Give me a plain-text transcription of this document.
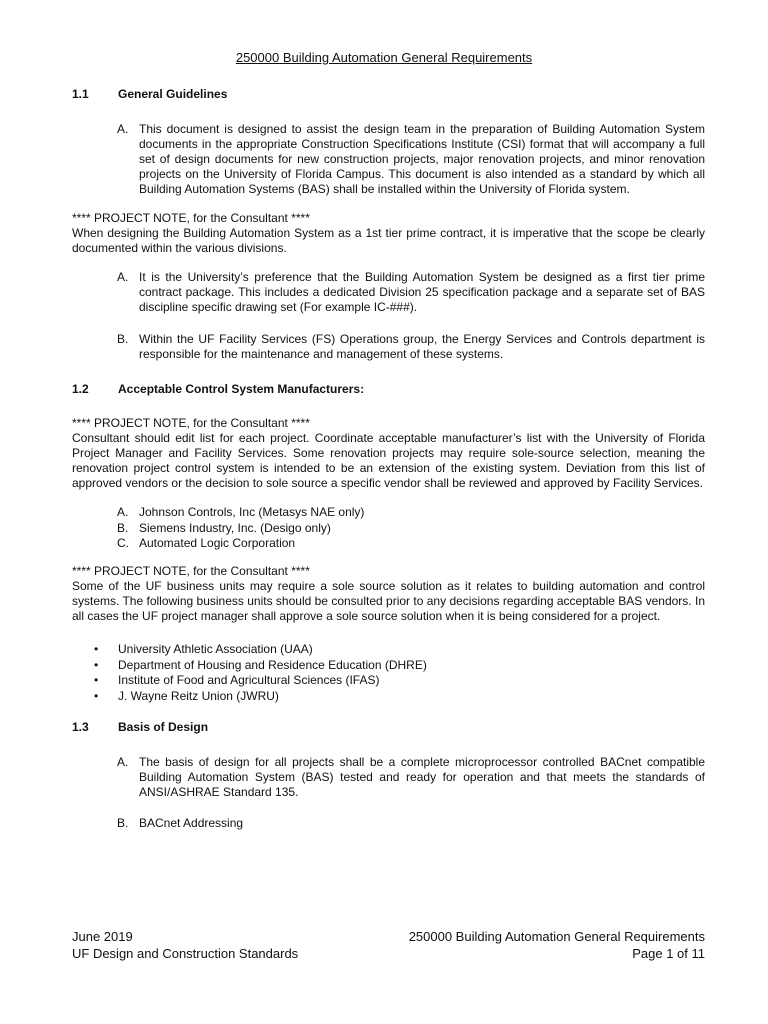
250000 Building Automation General Requirements
1.1 General Guidelines
A. This document is designed to assist the design team in the preparation of Building Automation System documents in the appropriate Construction Specifications Institute (CSI) format that will accompany a full set of design documents for new construction projects, major renovation projects, and minor renovation projects on the University of Florida Campus. This document is also intended as a standard by which all Building Automation Systems (BAS) shall be installed within the University of Florida system.
**** PROJECT NOTE, for the Consultant ****
When designing the Building Automation System as a 1st tier prime contract, it is imperative that the scope be clearly documented within the various divisions.
A. It is the University’s preference that the Building Automation System be designed as a first tier prime contract package. This includes a dedicated Division 25 specification package and a separate set of BAS discipline specific drawing set (For example IC-###).
B. Within the UF Facility Services (FS) Operations group, the Energy Services and Controls department is responsible for the maintenance and management of these systems.
1.2 Acceptable Control System Manufacturers:
**** PROJECT NOTE, for the Consultant ****
Consultant should edit list for each project. Coordinate acceptable manufacturer’s list with the University of Florida Project Manager and Facility Services. Some renovation projects may require sole-source selection, meaning the renovation project control system is intended to be an extension of the existing system. Deviation from this list of approved vendors or the decision to sole source a specific vendor shall be reviewed and approved by Facility Services.
A. Johnson Controls, Inc (Metasys NAE only)
B. Siemens Industry, Inc. (Desigo only)
C. Automated Logic Corporation
**** PROJECT NOTE, for the Consultant ****
Some of the UF business units may require a sole source solution as it relates to building automation and control systems. The following business units should be consulted prior to any decisions regarding acceptable BAS vendors. In all cases the UF project manager shall approve a sole source solution when it is being considered for a project.
• University Athletic Association (UAA)
• Department of Housing and Residence Education (DHRE)
• Institute of Food and Agricultural Sciences (IFAS)
• J. Wayne Reitz Union (JWRU)
1.3 Basis of Design
A. The basis of design for all projects shall be a complete microprocessor controlled BACnet compatible Building Automation System (BAS) tested and ready for operation and that meets the standards of ANSI/ASHRAE Standard 135.
B. BACnet Addressing
June 2019
UF Design and Construction Standards
250000 Building Automation General Requirements
Page 1 of 11
